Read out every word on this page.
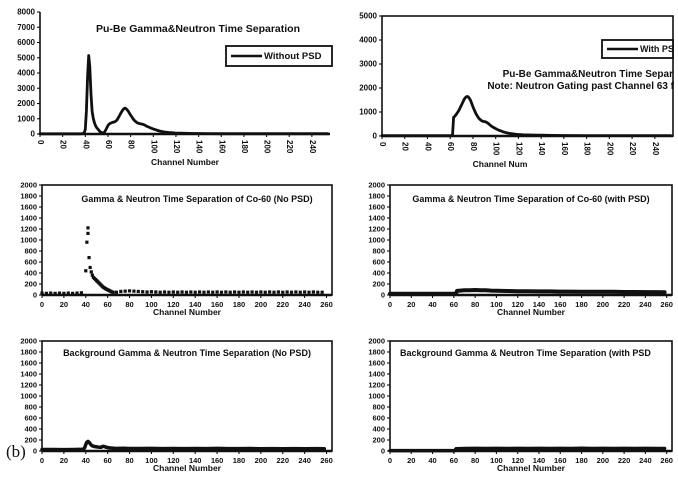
0
1000
2000
3000
4000
5000
6000
7000
8000
0 20 40 60 80 100 120 140 160 180 200 220 240
Pu-Be Gamma&Neutron Time Separation
Without PSD
Channel Number
0
1000
2000
3000
4000
5000
0 20 40 60 80 100 120 140 160 180 200 220 240
Pu-Be Gamma&Neutron Time Separ
Note: Neutron Gating past Channel 63 f
With PS
Channel Num
0
200
400
600
800
1000
1200
1400
1600
1800
2000
0 20 40 60 80 100 120 140 160 180 200 220 240 260
Gamma & Neutron Time Separation of Co-60 (No PSD)
Channel Number
0
200
400
600
800
1000
1200
1400
1600
1800
2000
0 20 40 60 80 100 120 140 160 180 200 220 240 260
Gamma & Neutron Time Separation of Co-60 (with PSD)
Channel Number
0
200
400
600
800
1000
1200
1400
1600
1800
2000
0 20 40 60 80 100 120 140 160 180 200 220 240 260
Background Gamma & Neutron Time Separation (No PSD)
Channel Number
0
200
400
600
800
1000
1200
1400
1600
1800
2000
0 20 40 60 80 100 120 140 160 180 200 220 240 260
Background Gamma & Neutron Time Separation (with PSD
Channel Number
(b)
